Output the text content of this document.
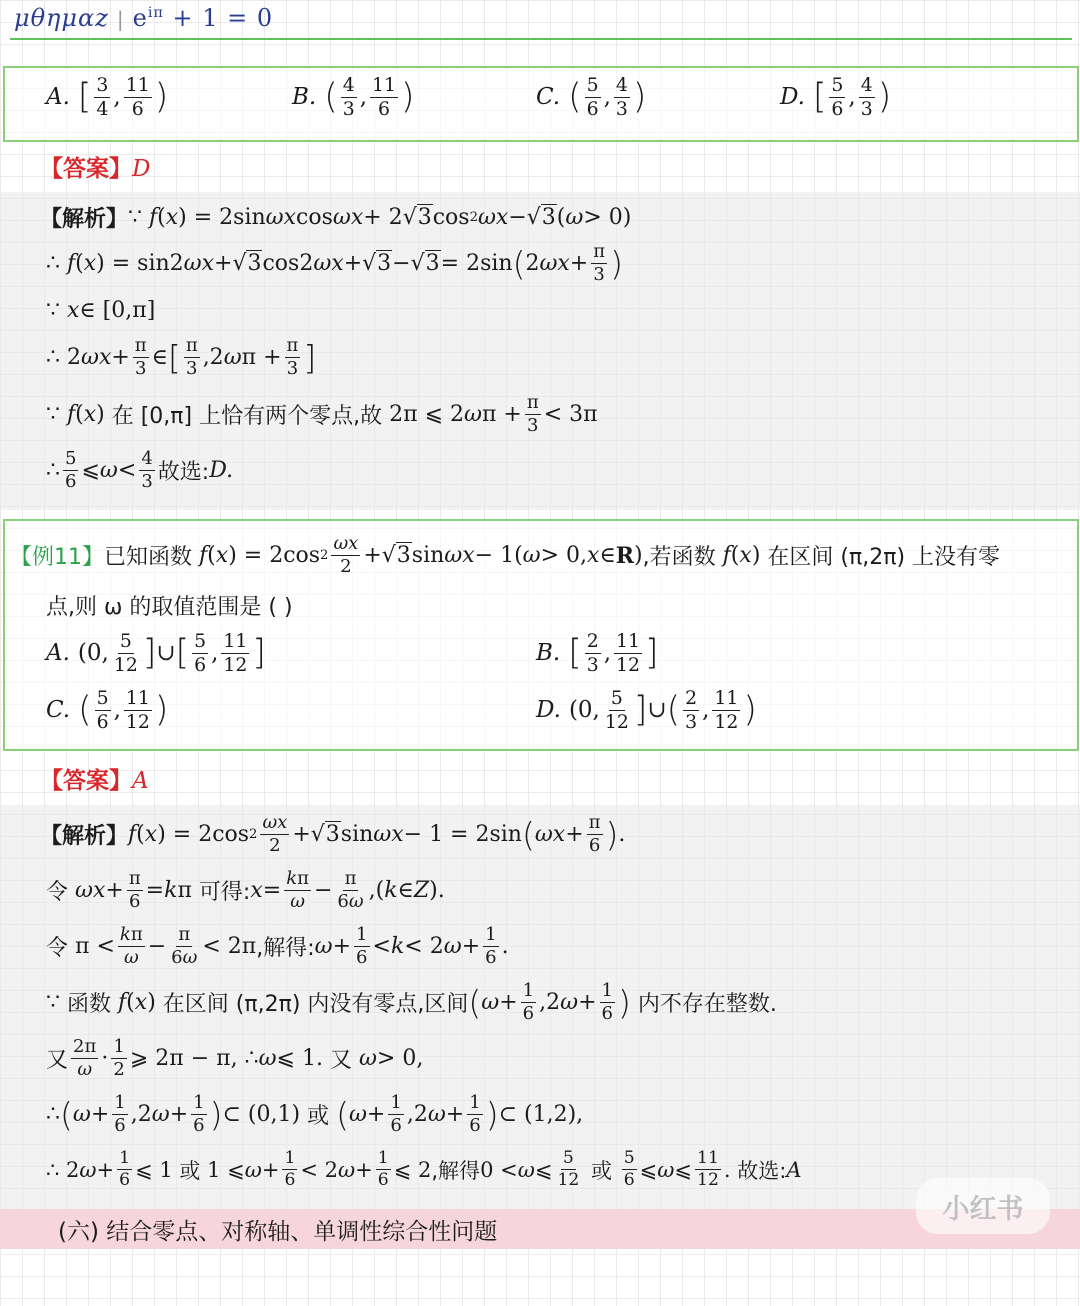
μθημαz | $e^{i\pi} + 1 = 0$
A. [ $\frac{3}{4}$ , $\frac{11}{6}$ )	B. ( $\frac{4}{3}$ , $\frac{11}{6}$ )	C. ( $\frac{5}{6}$ , $\frac{4}{3}$ )	D. [ $\frac{5}{6}$ , $\frac{4}{3}$ )
【答案】D
【解析】 ∵ f ( x ) = 2sin ωx cos ωx + 2 √3 cos 2 ωx − √3 ( ω > 0)
∴ f ( x ) = sin2 ωx + √3 cos2 ωx + √3 − √3 = 2sin ( 2 $\omega x + \frac{\pi}{3}$ )
∵ x ∈ [0,π]
∴ 2 $\omega x + \frac{\pi}{3}$ ∈ [ $\frac{\pi}{3} ,2$ ω $\pi + \frac{\pi}{3}$ ]
∵ f ( x ) 在 [0,π] 上恰有两个零点,故 2π ⩽ 2 ω $\pi + \frac{\pi}{3} < 3\pi$
∴ $\frac{5}{6}$ ⩽ $\omega < \frac{4}{3}$ 故选: D.
【例11】 已知函数
f ( x ) = 2cos $2 \frac{\omega x}{2} + √3$ sin ωx − 1( ω > 0, x ∈ R ) ,若函数
f ( x ) 在区间 (π,2π) 上没有零
点,则 ω 的取值范围是 ( )
A. (0, $\frac{5}{12}$ ] ∪ [ $\frac{5}{6}$ , $\frac{11}{12}$ ]	B. [ $\frac{2}{3}$ , $\frac{11}{12}$ ]
C. ( $\frac{5}{6}$ , $\frac{11}{12}$ )	D. (0, $\frac{5}{12}$ ] ∪ ( $\frac{2}{3}$ , $\frac{11}{12}$ )
【答案】A
【解析】 f ( x ) = 2cos $2 \frac{\omega x}{2} + √3$ sin ωx − 1 = 2sin ( $\omega x + \frac{\pi}{6}$ ) .
令
$\omega x + \frac{\pi}{6} = k$ π 可得: $x = \frac{k\pi}{\omega} - \frac{\pi}{6\omega}$ ,( k ∈ Z ).
令 $\pi < \frac{k\pi}{\omega} - \frac{\pi}{6\omega} < 2\pi$ ,解得: $\omega + \frac{1}{6} < k < 2$ $\omega + \frac{1}{6}$ .
∵ 函数
f ( x ) 在区间 (π,2π) 内没有零点,区间 ( $\omega + \frac{1}{6} ,2$ $\omega + \frac{1}{6}$ )
内不存在整数.
又 $\frac{2\pi}{\omega} \cdot \frac{1}{2}$ ⩾ 2π − π, ∴ ω ⩽ 1. 又
ω > 0,
∴ ( $\omega + \frac{1}{6} ,2$ $\omega + \frac{1}{6}$ ) ⊂ (0,1) 或
( $\omega + \frac{1}{6} ,2$ $\omega + \frac{1}{6}$ ) ⊂ (1,2),
∴ 2 $\omega + \frac{1}{6}$ ⩽ 1 或 1 ⩽ $\omega + \frac{1}{6} < 2$ $\omega + \frac{1}{6}$ ⩽ 2 ,解得 0 < ω ⩽ $\frac{5}{12}$
或
$\frac{5}{6}$ ⩽ ω ⩽ $\frac{11}{12}$ . 故选: A
(六) 结合零点、对称轴、单调性综合性问题
小红书
